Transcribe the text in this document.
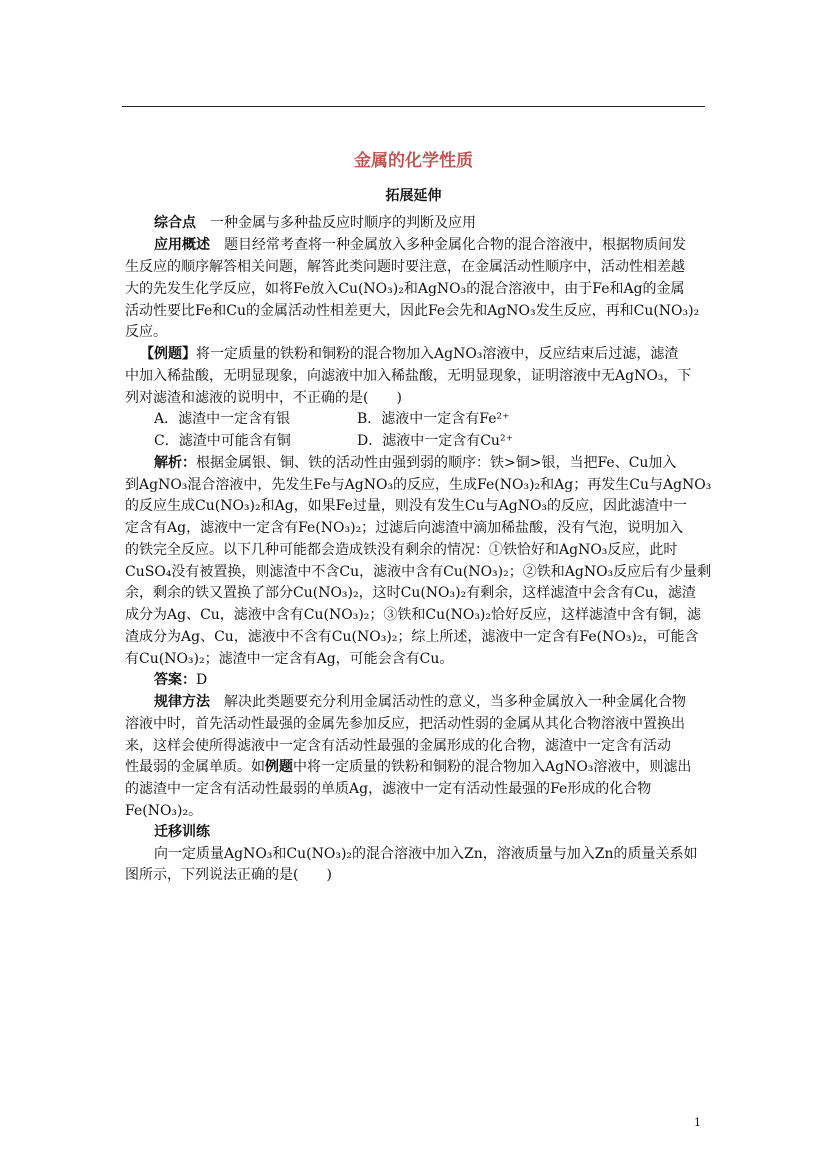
金属的化学性质
拓展延伸
综合点 一种金属与多种盐反应时顺序的判断及应用
应用概述 题目经常考查将一种金属放入多种金属化合物的混合溶液中，根据物质间发
生反应的顺序解答相关问题，解答此类问题时要注意，在金属活动性顺序中，活动性相差越
大的先发生化学反应，如将Fe放入Cu(NO₃)₂和AgNO₃的混合溶液中，由于Fe和Ag的金属
活动性要比Fe和Cu的金属活动性相差更大，因此Fe会先和AgNO₃发生反应，再和Cu(NO₃)₂
反应。
【例题】将一定质量的铁粉和铜粉的混合物加入AgNO₃溶液中，反应结束后过滤，滤渣
中加入稀盐酸，无明显现象，向滤液中加入稀盐酸，无明显现象，证明溶液中无AgNO₃，下
列对滤渣和滤液的说明中，不正确的是(　　)
A．滤渣中一定含有银	B．滤液中一定含有Fe²⁺
C．滤渣中可能含有铜	D．滤液中一定含有Cu²⁺
解析：根据金属银、铜、铁的活动性由强到弱的顺序：铁>铜>银，当把Fe、Cu加入
到AgNO₃混合溶液中，先发生Fe与AgNO₃的反应，生成Fe(NO₃)₂和Ag；再发生Cu与AgNO₃
的反应生成Cu(NO₃)₂和Ag，如果Fe过量，则没有发生Cu与AgNO₃的反应，因此滤渣中一
定含有Ag，滤液中一定含有Fe(NO₃)₂；过滤后向滤渣中滴加稀盐酸，没有气泡，说明加入
的铁完全反应。以下几种可能都会造成铁没有剩余的情况：①铁恰好和AgNO₃反应，此时
CuSO₄没有被置换，则滤渣中不含Cu，滤液中含有Cu(NO₃)₂；②铁和AgNO₃反应后有少量剩
余，剩余的铁又置换了部分Cu(NO₃)₂，这时Cu(NO₃)₂有剩余，这样滤渣中会含有Cu，滤渣
成分为Ag、Cu，滤液中含有Cu(NO₃)₂；③铁和Cu(NO₃)₂恰好反应，这样滤渣中含有铜，滤
渣成分为Ag、Cu，滤液中不含有Cu(NO₃)₂；综上所述，滤液中一定含有Fe(NO₃)₂，可能含
有Cu(NO₃)₂；滤渣中一定含有Ag，可能会含有Cu。
答案：D
规律方法 解决此类题要充分利用金属活动性的意义，当多种金属放入一种金属化合物
溶液中时，首先活动性最强的金属先参加反应，把活动性弱的金属从其化合物溶液中置换出
来，这样会使所得滤液中一定含有活动性最强的金属形成的化合物，滤渣中一定含有活动
性最弱的金属单质。如例题中将一定质量的铁粉和铜粉的混合物加入AgNO₃溶液中，则滤出
的滤渣中一定含有活动性最弱的单质Ag，滤液中一定有活动性最强的Fe形成的化合物
Fe(NO₃)₂。
迁移训练
向一定质量AgNO₃和Cu(NO₃)₂的混合溶液中加入Zn，溶液质量与加入Zn的质量关系如
图所示，下列说法正确的是(　　)
1
